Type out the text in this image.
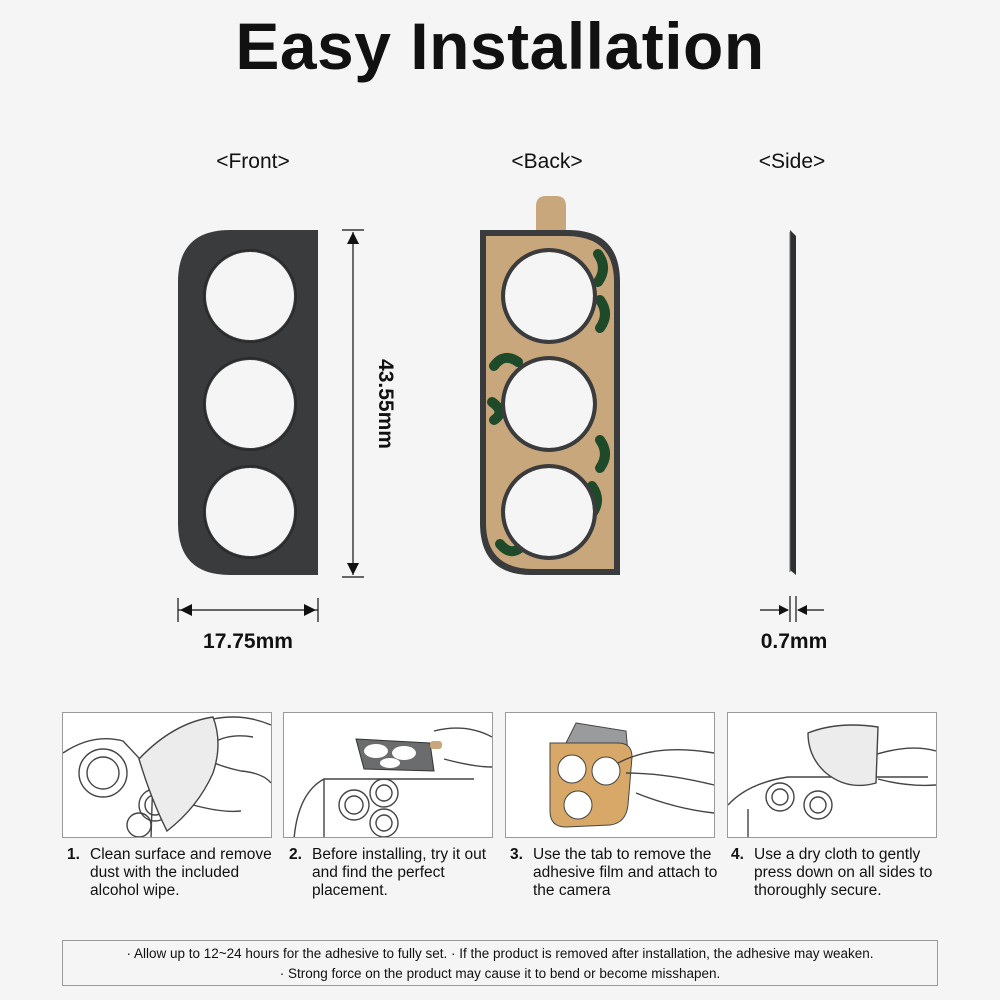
Easy Installation
<Front>	<Back>	<Side>
43.55mm
17.75mm	0.7mm
1. Clean surface and remove dust with the included alcohol wipe.
2. Before installing, try it out and find the perfect placement.
3. Use the tab to remove the adhesive film and attach to the camera
4. Use a dry cloth to gently press down on all sides to thoroughly secure.
· Allow up to 12~24 hours for the adhesive to fully set. · If the product is removed after installation, the adhesive may weaken.
· Strong force on the product may cause it to bend or become misshapen.
